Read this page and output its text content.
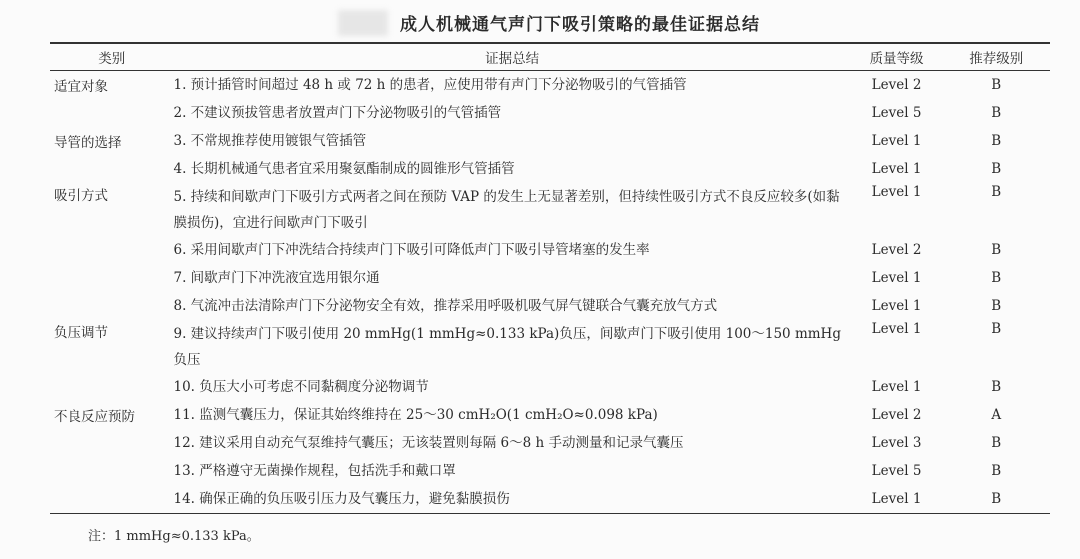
成人机械通气声门下吸引策略的最佳证据总结
类别	证据总结	质量等级	推荐级别
适宜对象	1. 预计插管时间超过 48 h 或 72 h 的患者，应使用带有声门下分泌物吸引的气管插管	Level 2	B

	2. 不建议预拔管患者放置声门下分泌物吸引的气管插管	Level 5	B
导管的选择	3. 不常规推荐使用镀银气管插管	Level 1	B

	4. 长期机械通气患者宜采用聚氨酯制成的圆锥形气管插管	Level 1	B
吸引方式	5. 持续和间歇声门下吸引方式两者之间在预防 VAP 的发生上无显著差别，但持续性吸引方式不良反应较多(如黏膜损伤)，宜进行间歇声门下吸引	Level 1	B

	6. 采用间歇声门下冲洗结合持续声门下吸引可降低声门下吸引导管堵塞的发生率	Level 2	B

	7. 间歇声门下冲洗液宜选用银尔通	Level 1	B

	8. 气流冲击法清除声门下分泌物安全有效，推荐采用呼吸机吸气屏气键联合气囊充放气方式	Level 1	B
负压调节	9. 建议持续声门下吸引使用 20 mmHg(1 mmHg≈0.133 kPa)负压，间歇声门下吸引使用 100～150 mmHg 负压	Level 1	B

	10. 负压大小可考虑不同黏稠度分泌物调节	Level 1	B
不良反应预防	11. 监测气囊压力，保证其始终维持在 25～30 cmH₂O(1 cmH₂O≈0.098 kPa)	Level 2	A

	12. 建议采用自动充气泵维持气囊压；无该装置则每隔 6～8 h 手动测量和记录气囊压	Level 3	B

	13. 严格遵守无菌操作规程，包括洗手和戴口罩	Level 5	B

	14. 确保正确的负压吸引压力及气囊压力，避免黏膜损伤	Level 1	B
注：1 mmHg≈0.133 kPa。
